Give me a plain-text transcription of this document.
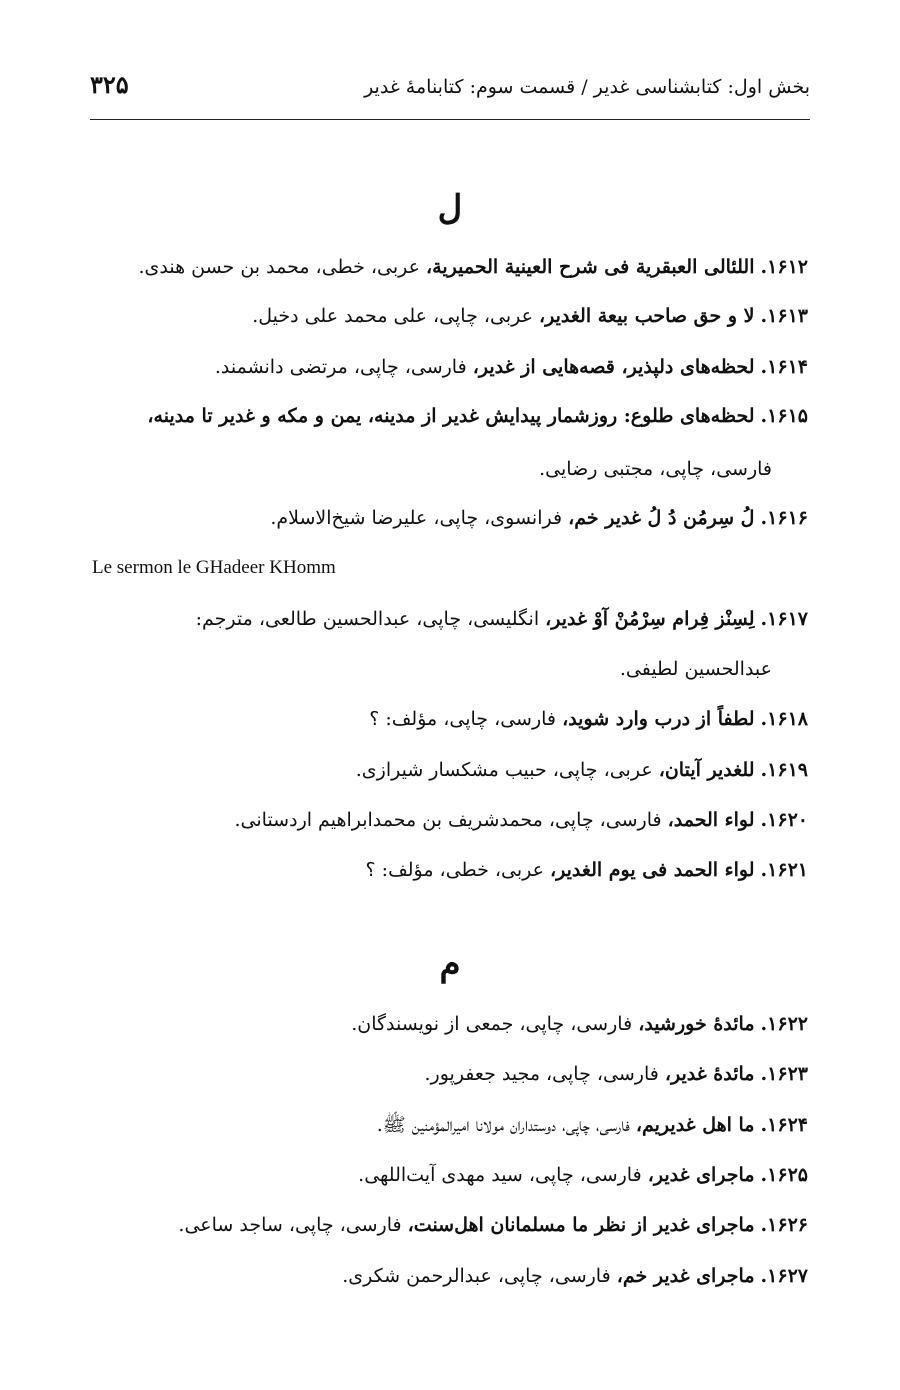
بخش اول: کتابشناسی غدیر / قسمت سوم: کتابنامهٔ غدیر
۳۲۵
ل
۱۶۱۲. اللئالی العبقریة فی شرح العینیة الحمیریة، عربی، خطی، محمد بن حسن هندی.
۱۶۱۳. لا و حق صاحب بیعة الغدیر، عربی، چاپی، علی محمد علی دخیل.
۱۶۱۴. لحظه‌های دلپذیر، قصه‌هایی از غدیر، فارسی، چاپی، مرتضی دانشمند.
۱۶۱۵. لحظه‌های طلوع: روزشمار پیدایش غدیر از مدینه، یمن و مکه و غدیر تا مدینه،
فارسی، چاپی، مجتبی رضایی.
۱۶۱۶. لُ سِرمُن دُ لُ غدیر خم، فرانسوی، چاپی، علیرضا شیخ‌الاسلام.
Le sermon le GHadeer KHomm
۱۶۱۷. لِسِنْز فِرام سِرْمُنْ آوْ غدیر، انگلیسی، چاپی، عبدالحسین طالعی، مترجم:
عبدالحسین لطیفی.
۱۶۱۸. لطفاً از درب وارد شوید، فارسی، چاپی، مؤلف: ؟
۱۶۱۹. للغدیر آیتان، عربی، چاپی، حبیب مشکسار شیرازی.
۱۶۲۰. لواء الحمد، فارسی، چاپی، محمدشریف بن محمدابراهیم اردستانی.
۱۶۲۱. لواء الحمد فی یوم الغدیر، عربی، خطی، مؤلف: ؟
م
۱۶۲۲. مائدهٔ خورشید، فارسی، چاپی، جمعی از نویسندگان.
۱۶۲۳. مائدهٔ غدیر، فارسی، چاپی، مجید جعفرپور.
۱۶۲۴. ما اهل غدیریم، فارسی، چاپی، دوستداران مولانا امیرالمؤمنین ﷺ.
۱۶۲۵. ماجرای غدیر، فارسی، چاپی، سید مهدی آیت‌اللهی.
۱۶۲۶. ماجرای غدیر از نظر ما مسلمانان اهل‌سنت، فارسی، چاپی، ساجد ساعی.
۱۶۲۷. ماجرای غدیر خم، فارسی، چاپی، عبدالرحمن شکری.
